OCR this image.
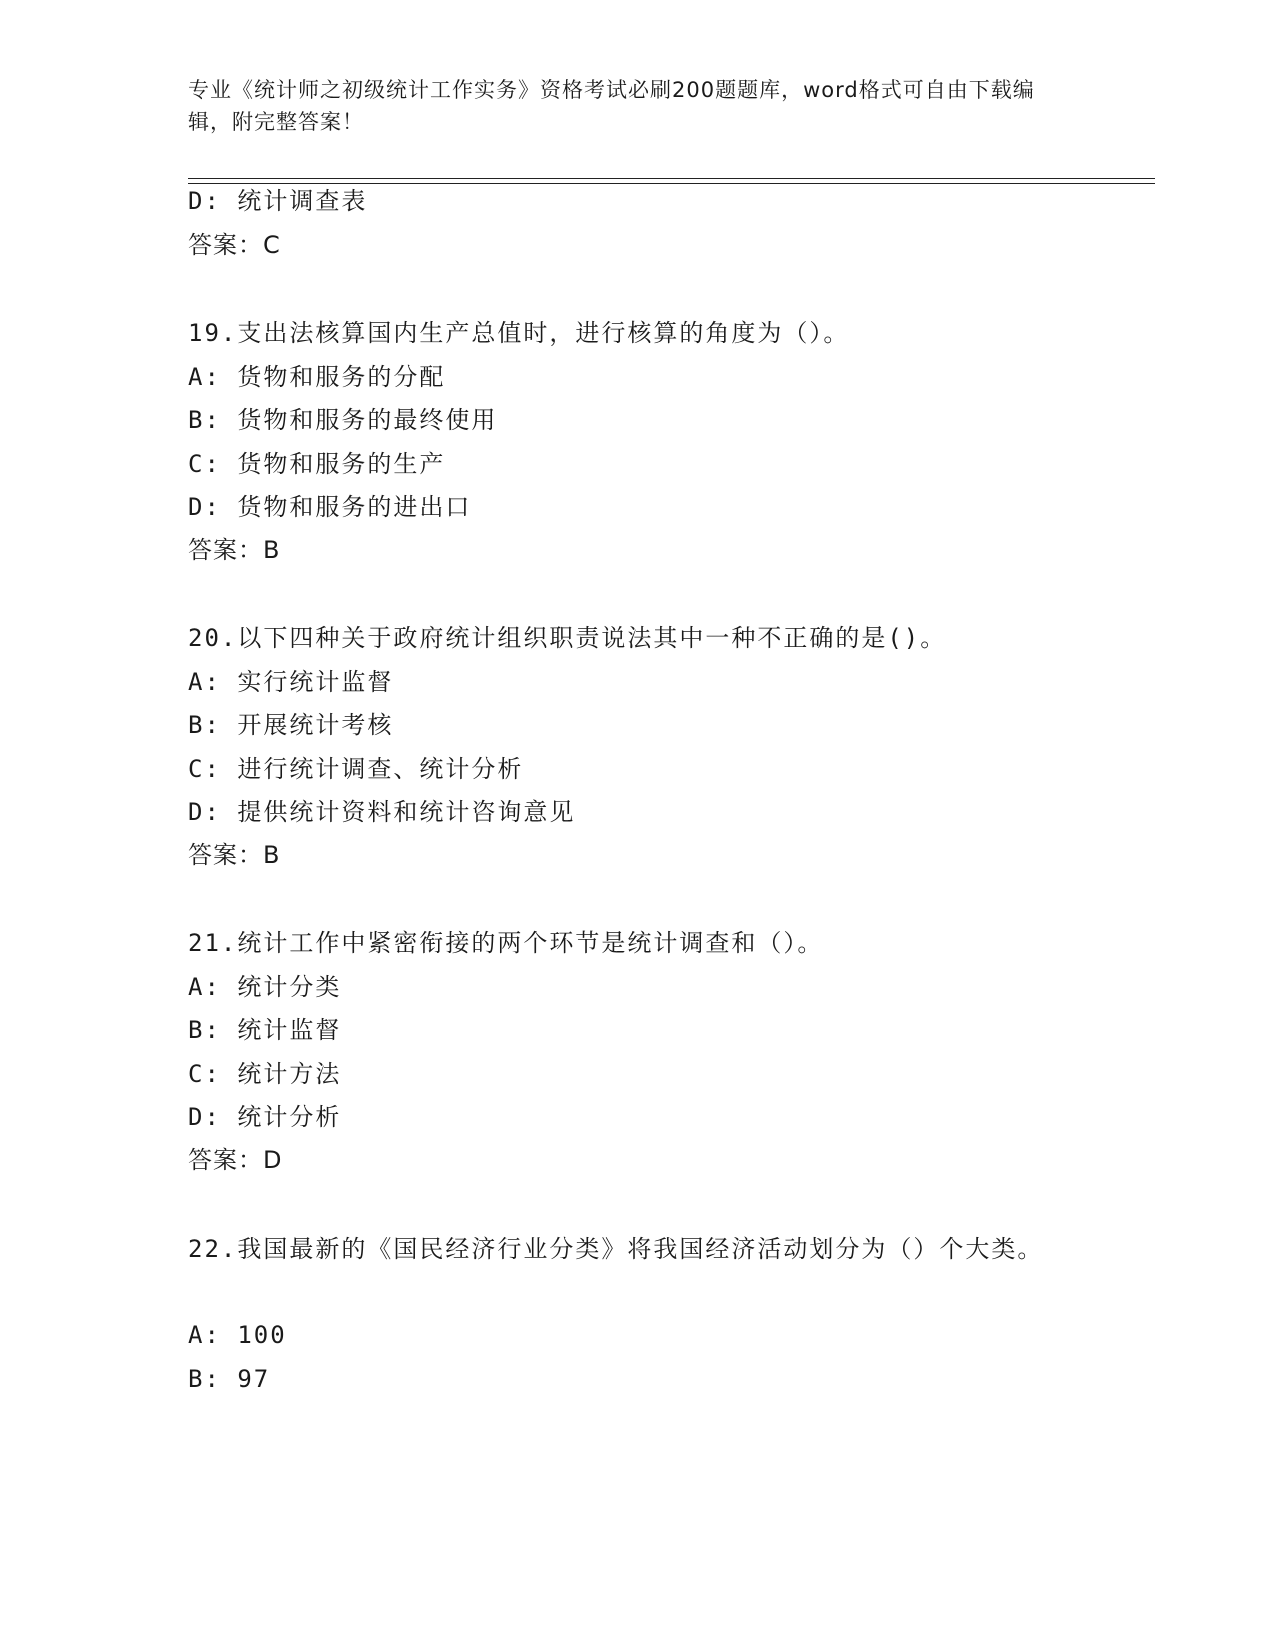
专业《统计师之初级统计工作实务》资格考试必刷200题题库，word格式可自由下载编辑，附完整答案！
D: 统计调查表
答案：C
19.支出法核算国内生产总值时，进行核算的角度为（）。
A: 货物和服务的分配
B: 货物和服务的最终使用
C: 货物和服务的生产
D: 货物和服务的进出口
答案：B
20.以下四种关于政府统计组织职责说法其中一种不正确的是()。
A: 实行统计监督
B: 开展统计考核
C: 进行统计调查、统计分析
D: 提供统计资料和统计咨询意见
答案：B
21.统计工作中紧密衔接的两个环节是统计调查和（）。
A: 统计分类
B: 统计监督
C: 统计方法
D: 统计分析
答案：D
22.我国最新的《国民经济行业分类》将我国经济活动划分为（）个大类。
A: 100
B: 97
